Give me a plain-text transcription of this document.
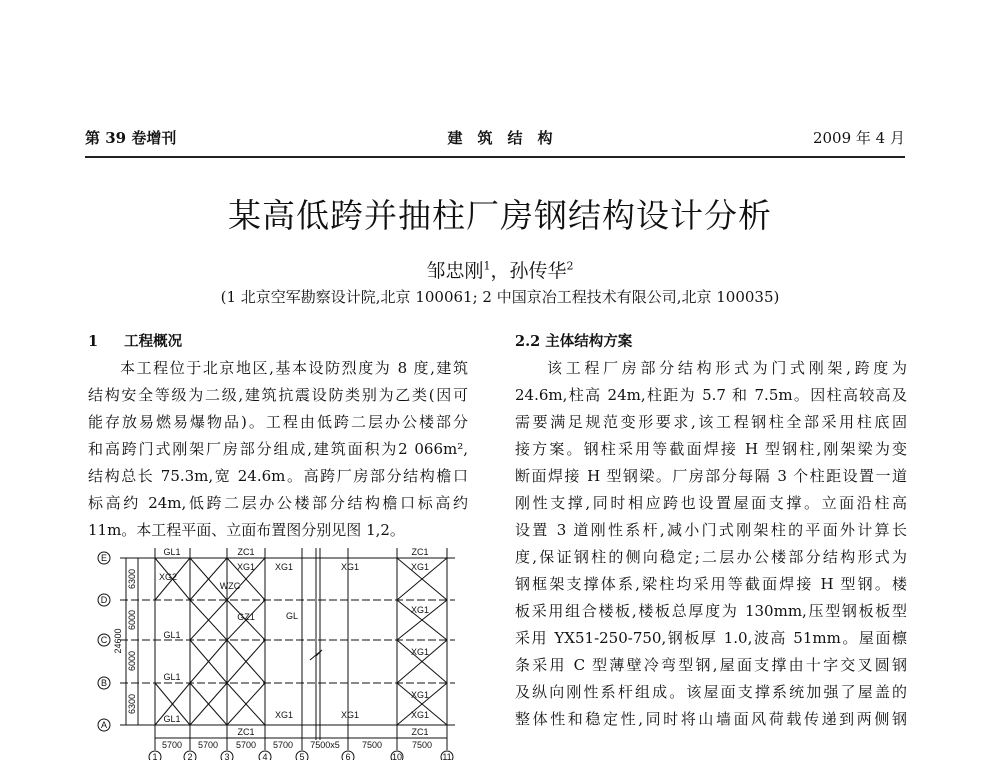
第 39 卷增刊	建　筑　结　构	2009 年 4 月
某高低跨并抽柱厂房钢结构设计分析
邹忠刚$^1$，孙传华$^2$
(1 北京空军勘察设计院,北京 100061; 2 中国京冶工程技术有限公司,北京 100035)
1 工程概况
本工程位于北京地区,基本设防烈度为 8 度,建筑
结构安全等级为二级,建筑抗震设防类别为乙类(因可
能存放易燃易爆物品)。工程由低跨二层办公楼部分
和高跨门式刚架厂房部分组成,建筑面积为2 066m²,
结构总长 75.3m,宽 24.6m。高跨厂房部分结构檐口
标高约 24m,低跨二层办公楼部分结构檐口标高约
11m。本工程平面、立面布置图分别见图 1,2。
2.2 主体结构方案
该工程厂房部分结构形式为门式刚架,跨度为
24.6m,柱高 24m,柱距为 5.7 和 7.5m。因柱高较高及
需要满足规范变形要求,该工程钢柱全部采用柱底固
接方案。钢柱采用等截面焊接 H 型钢柱,刚架梁为变
断面焊接 H 型钢梁。厂房部分每隔 3 个柱距设置一道
刚性支撑,同时相应跨也设置屋面支撑。立面沿柱高
设置 3 道刚性系杆,减小门式刚架柱的平面外计算长
度,保证钢柱的侧向稳定;二层办公楼部分结构形式为
钢框架支撑体系,梁柱均采用等截面焊接 H 型钢。楼
板采用组合楼板,楼板总厚度为 130mm,压型钢板板型
采用 YX51-250-750,钢板厚 1.0,波高 51mm。屋面檩
条采用 C 型薄壁冷弯型钢,屋面支撑由十字交叉圆钢
及纵向刚性系杆组成。该屋面支撑系统加强了屋盖的
整体性和稳定性,同时将山墙面风荷载传递到两侧钢
E
D
C
B
A
1	2	3	4	5	6	10	11
6300
6000
6000
6300
24600
5700 5700 5700 5700 7500x5 7500	7500
GL1	ZC1
XG1
XG2
GZ1
WZC
GL
ZC1
XG1
XG1
XG1
XG1
XG1
XG1
XG1
XG1
XG1
GL1
GL1
GL1
ZC1
ZC1
